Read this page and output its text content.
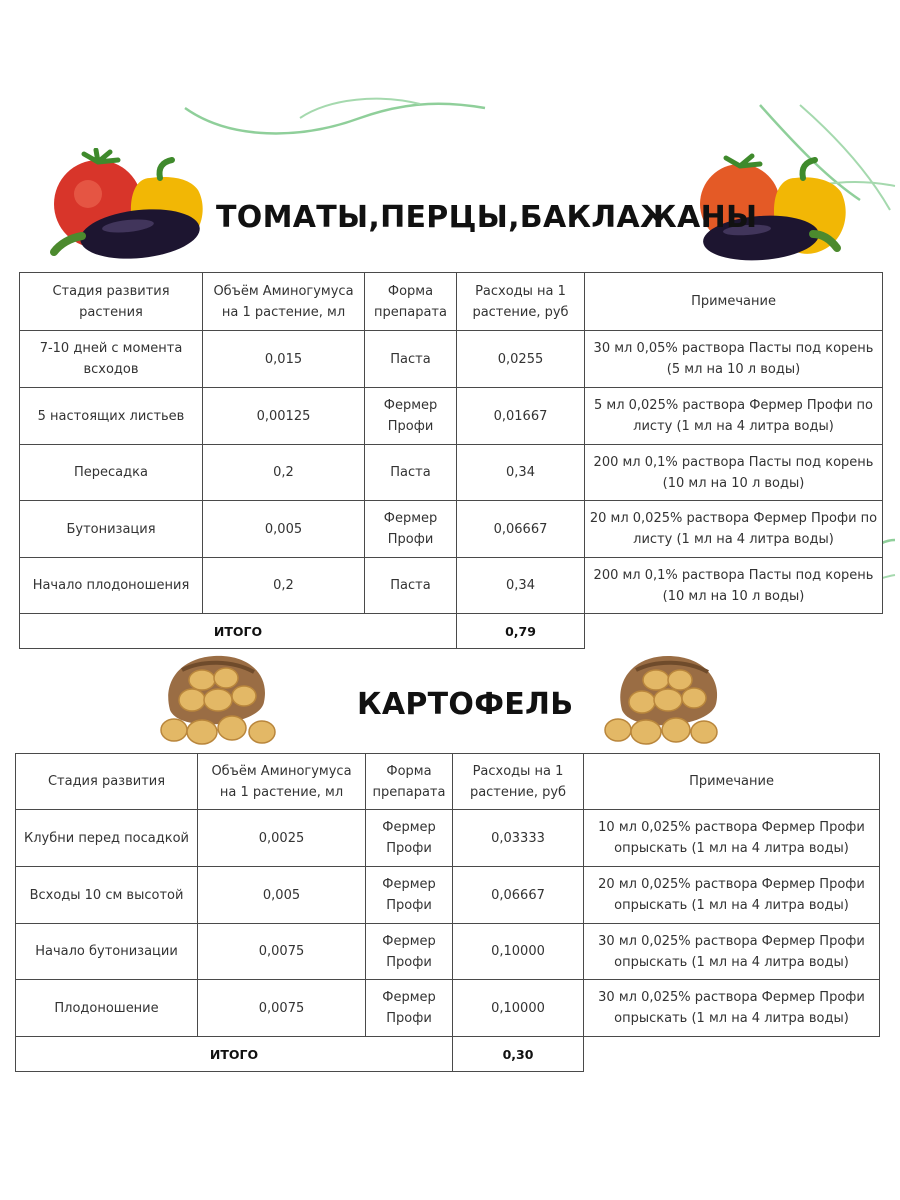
ТОМАТЫ,ПЕРЦЫ,БАКЛАЖАНЫ
Стадия развития растения	Объём Аминогумуса на 1 растение, мл	Форма препарата	Расходы на 1 растение, руб	Примечание
7-10 дней с момента всходов	0,015	Паста	0,0255	30 мл 0,05% раствора Пасты под корень (5 мл на 10 л воды)
5 настоящих листьев	0,00125	Фермер Профи	0,01667	5 мл 0,025% раствора Фермер Профи по листу (1 мл на 4 литра воды)
Пересадка	0,2	Паста	0,34	200 мл 0,1% раствора Пасты под корень (10 мл на 10 л воды)
Бутонизация	0,005	Фермер Профи	0,06667	20 мл 0,025% раствора Фермер Профи по листу (1 мл на 4 литра воды)
Начало плодоношения	0,2	Паста	0,34	200 мл 0,1% раствора Пасты под корень (10 мл на 10 л воды)
ИТОГО			0,79	
КАРТОФЕЛЬ
Стадия развития	Объём Аминогумуса на 1 растение, мл	Форма препарата	Расходы на 1 растение, руб	Примечание
Клубни перед посадкой	0,0025	Фермер Профи	0,03333	10 мл 0,025% раствора Фермер Профи опрыскать (1 мл на 4 литра воды)
Всходы 10 см высотой	0,005	Фермер Профи	0,06667	20 мл 0,025% раствора Фермер Профи опрыскать (1 мл на 4 литра воды)
Начало бутонизации	0,0075	Фермер Профи	0,10000	30 мл 0,025% раствора Фермер Профи опрыскать (1 мл на 4 литра воды)
Плодоношение	0,0075	Фермер Профи	0,10000	30 мл 0,025% раствора Фермер Профи опрыскать (1 мл на 4 литра воды)
ИТОГО			0,30	
